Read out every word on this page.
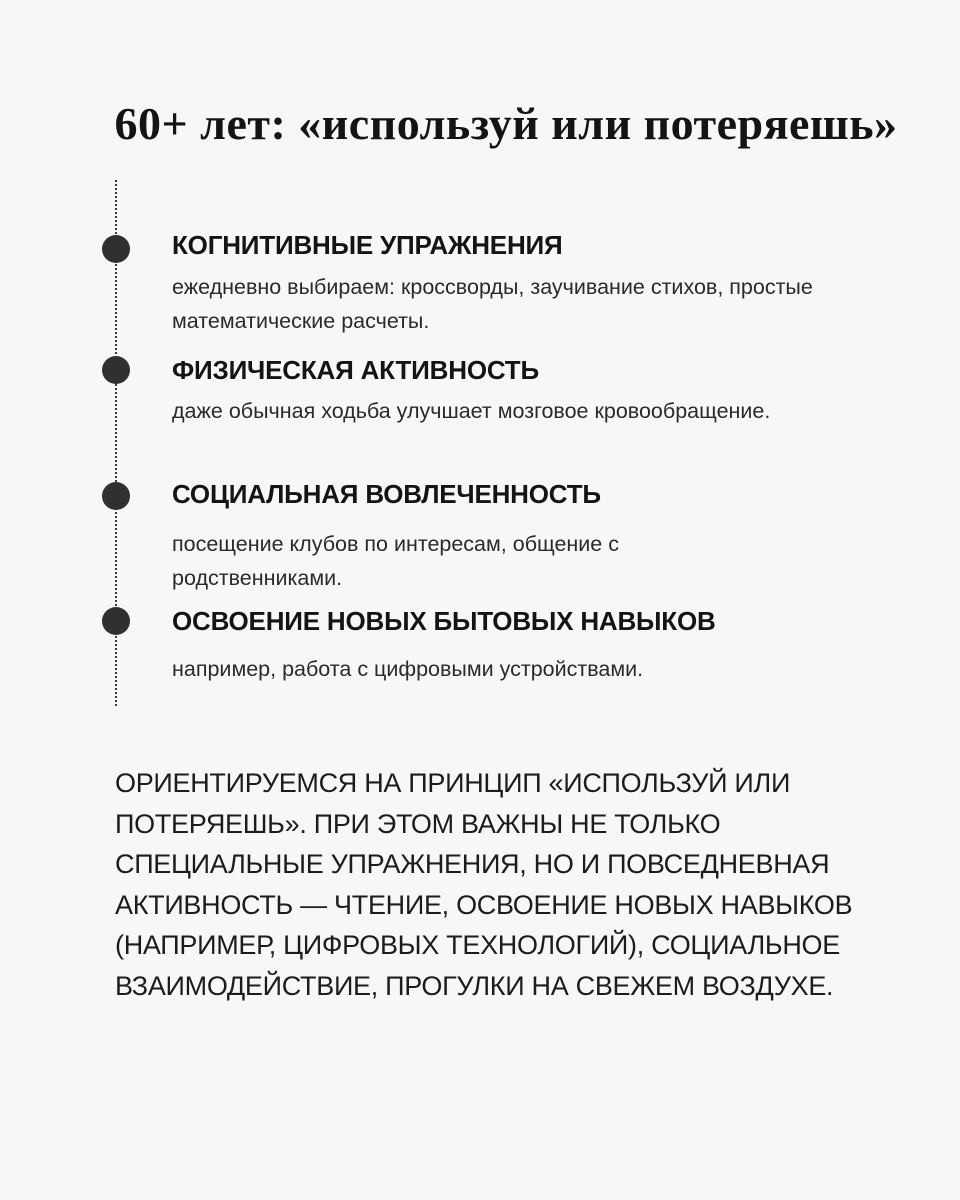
60+ лет: «используй или потеряешь»
КОГНИТИВНЫЕ УПРАЖНЕНИЯ

ежедневно выбираем: кроссворды, заучивание стихов, простые математические расчеты.

ФИЗИЧЕСКАЯ АКТИВНОСТЬ

даже обычная ходьба улучшает мозговое кровообращение.

СОЦИАЛЬНАЯ ВОВЛЕЧЕННОСТЬ

посещение клубов по интересам, общение с родственниками.

ОСВОЕНИЕ НОВЫХ БЫТОВЫХ НАВЫКОВ

например, работа с цифровыми устройствами.

ОРИЕНТИРУЕМСЯ НА ПРИНЦИП «ИСПОЛЬЗУЙ ИЛИ ПОТЕРЯЕШЬ». ПРИ ЭТОМ ВАЖНЫ НЕ ТОЛЬКО СПЕЦИАЛЬНЫЕ УПРАЖНЕНИЯ, НО И ПОВСЕДНЕВНАЯ АКТИВНОСТЬ — ЧТЕНИЕ, ОСВОЕНИЕ НОВЫХ НАВЫКОВ (НАПРИМЕР, ЦИФРОВЫХ ТЕХНОЛОГИЙ), СОЦИАЛЬНОЕ ВЗАИМОДЕЙСТВИЕ, ПРОГУЛКИ НА СВЕЖЕМ ВОЗДУХЕ.
